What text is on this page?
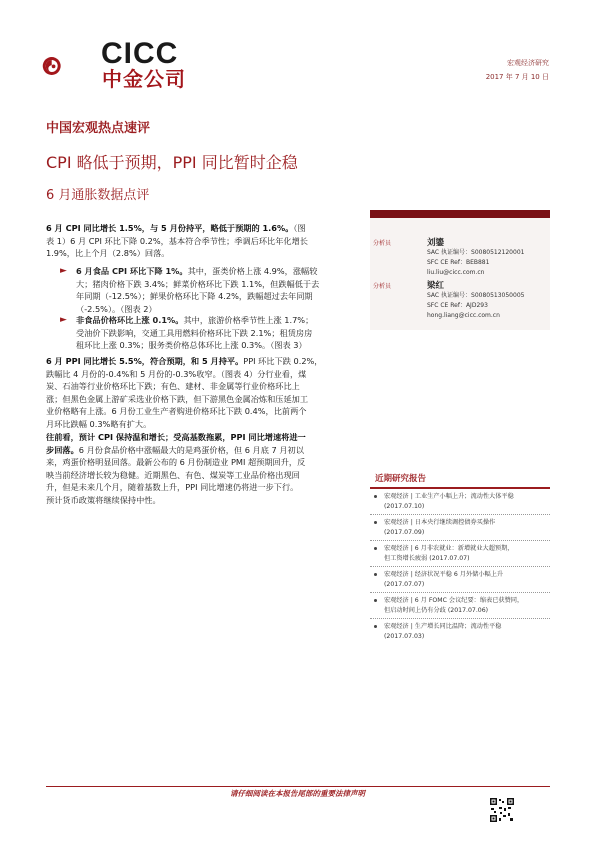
CICC
中金公司
宏观经济研究
2017 年 7 月 10 日
中国宏观热点速评
CPI 略低于预期，PPI 同比暂时企稳
6 月通胀数据点评
6 月 CPI 同比增长 1.5%，与 5 月份持平，略低于预期的 1.6%。（图
表 1）6 月 CPI 环比下降 0.2%，基本符合季节性；季调后环比年化增长
1.9%，比上个月（2.8%）回落。
► 6 月食品 CPI 环比下降 1%。其中，蛋类价格上涨 4.9%，涨幅较
大；猪肉价格下跌 3.4%；鲜菜价格环比下跌 1.1%，但跌幅低于去
年同期（-12.5%）；鲜果价格环比下降 4.2%，跌幅超过去年同期
（-2.5%）。（图表 2）
► 非食品价格环比上涨 0.1%。其中，旅游价格季节性上涨 1.7%；
受油价下跌影响，交通工具用燃料价格环比下跌 2.1%；租赁房房
租环比上涨 0.3%；服务类价格总体环比上涨 0.3%。（图表 3）
6 月 PPI 同比增长 5.5%，符合预期，和 5 月持平。PPI 环比下跌 0.2%，
跌幅比 4 月份的-0.4%和 5 月份的-0.3%收窄。（图表 4）分行业看，煤
炭、石油等行业价格环比下跌；有色、建材、非金属等行业价格环比上
涨；但黑色金属上游矿采选业价格下跌，但下游黑色金属冶炼和压延加工
业价格略有上涨。6 月份工业生产者购进价格环比下跌 0.4%，比前两个
月环比跌幅 0.3%略有扩大。
往前看，预计 CPI 保持温和增长；受高基数拖累，PPI 同比增速将进一
步回落。6 月份食品价格中涨幅最大的是鸡蛋价格，但 6 月底 7 月初以
来，鸡蛋价格明显回落。最新公布的 6 月份制造业 PMI 超预期回升，反
映当前经济增长较为稳健。近期黑色、有色、煤炭等工业品价格出现回
升，但是未来几个月，随着基数上升，PPI 同比增速仍将进一步下行。
预计货币政策将继续保持中性。
分析员	刘鎏
SAC 执证编号：S0080512120001
SFC CE Ref：BEB881
liu.liu@cicc.com.cn
分析员	梁红
SAC 执证编号：S0080513050005
SFC CE Ref：AJD293
hong.liang@cicc.com.cn
近期研究报告
宏观经济 | 工业生产小幅上升；流动性大体平稳
(2017.07.10)
宏观经济 | 日本央行继续调控债券买操作
(2017.07.09)
宏观经济 | 6 月非农就业：新增就业大超预期，
但工资增长疲弱 (2017.07.07)
宏观经济 | 经济状况平稳 6 月外储小幅上升
(2017.07.07)
宏观经济 | 6 月 FOMC 会议纪要：缩表已获赞同，
但启动时间上仍有分歧 (2017.07.06)
宏观经济 | 生产增长同比温降；流动性平稳
(2017.07.03)
请仔细阅读在本报告尾部的重要法律声明
